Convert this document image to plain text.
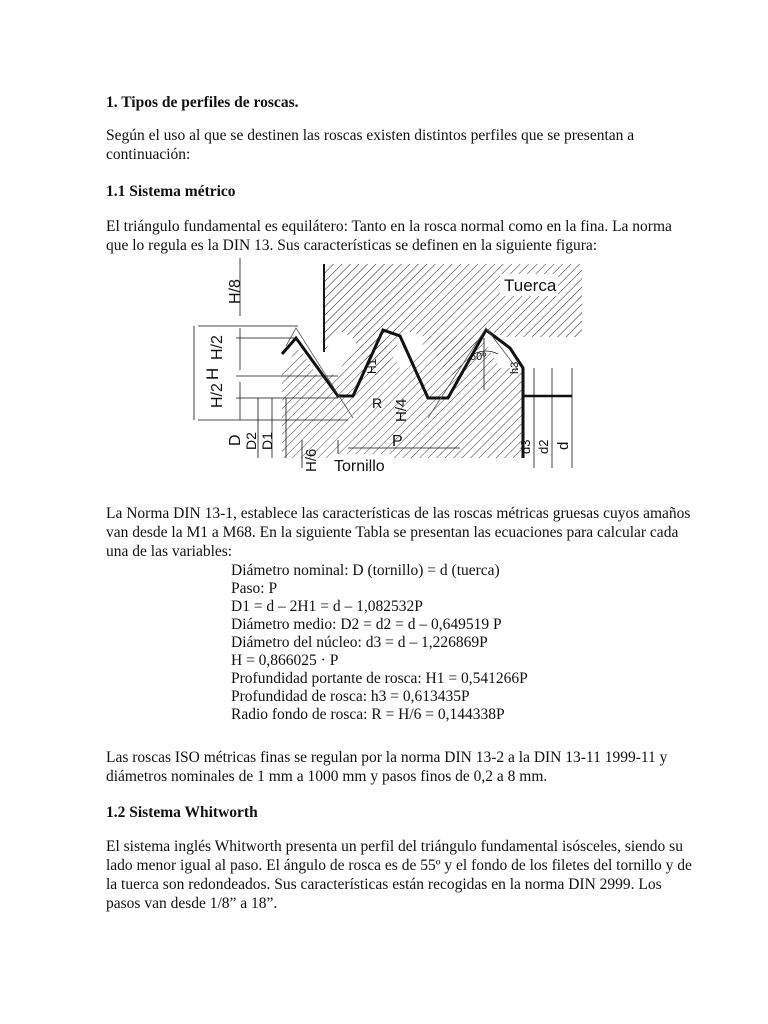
1. Tipos de perfiles de roscas.

Según el uso al que se destinen las roscas existen distintos perfiles que se presentan a continuación:

1.1 Sistema métrico

El triángulo fundamental es equilátero: Tanto en la rosca normal como en la fina. La norma que lo regula es la DIN 13. Sus características se definen en la siguiente figura:

Tuerca
Tornillo
H/8
H/2
H
H/2
D D2 D1
H/6
H1
H/4
R
P
60º
h3
d3 d2 d

La Norma DIN 13-1, establece las características de las roscas métricas gruesas cuyos amaños van desde la M1 a M68. En la siguiente Tabla se presentan las ecuaciones para calcular cada una de las variables:

Diámetro nominal: D (tornillo) = d (tuerca)
Paso: P
D1 = d – 2H1 = d – 1,082532P
Diámetro medio: D2 = d2 = d – 0,649519 P
Diámetro del núcleo: d3 = d – 1,226869P
H = 0,866025 · P
Profundidad portante de rosca: H1 = 0,541266P
Profundidad de rosca: h3 = 0,613435P
Radio fondo de rosca: R = H/6 = 0,144338P

Las roscas ISO métricas finas se regulan por la norma DIN 13-2 a la DIN 13-11 1999-11 y diámetros nominales de 1 mm a 1000 mm y pasos finos de 0,2 a 8 mm.

1.2 Sistema Whitworth

El sistema inglés Whitworth presenta un perfil del triángulo fundamental isósceles, siendo su lado menor igual al paso. El ángulo de rosca es de 55º y el fondo de los filetes del tornillo y de la tuerca son redondeados. Sus características están recogidas en la norma DIN 2999. Los pasos van desde 1/8” a 18”.
